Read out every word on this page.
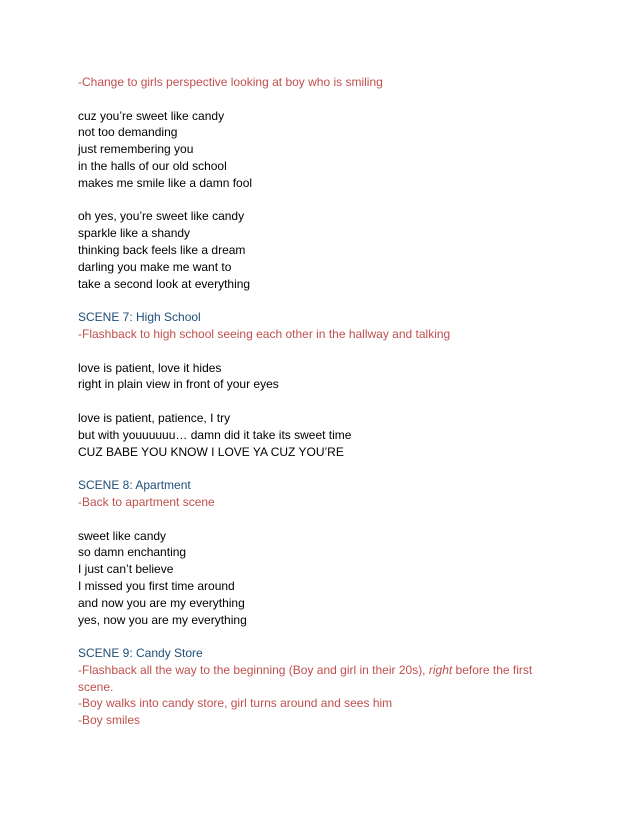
-Change to girls perspective looking at boy who is smiling
cuz you’re sweet like candy
not too demanding
just remembering you
in the halls of our old school
makes me smile like a damn fool
oh yes, you’re sweet like candy
sparkle like a shandy
thinking back feels like a dream
darling you make me want to
take a second look at everything
SCENE 7: High School
-Flashback to high school seeing each other in the hallway and talking
love is patient, love it hides
right in plain view in front of your eyes
love is patient, patience, I try
but with youuuuuu… damn did it take its sweet time
CUZ BABE YOU KNOW I LOVE YA CUZ YOU’RE
SCENE 8: Apartment
-Back to apartment scene
sweet like candy
so damn enchanting
I just can’t believe
I missed you first time around
and now you are my everything
yes, now you are my everything
SCENE 9: Candy Store
-Flashback all the way to the beginning (Boy and girl in their 20s), right before the first scene.
-Boy walks into candy store, girl turns around and sees him
-Boy smiles
